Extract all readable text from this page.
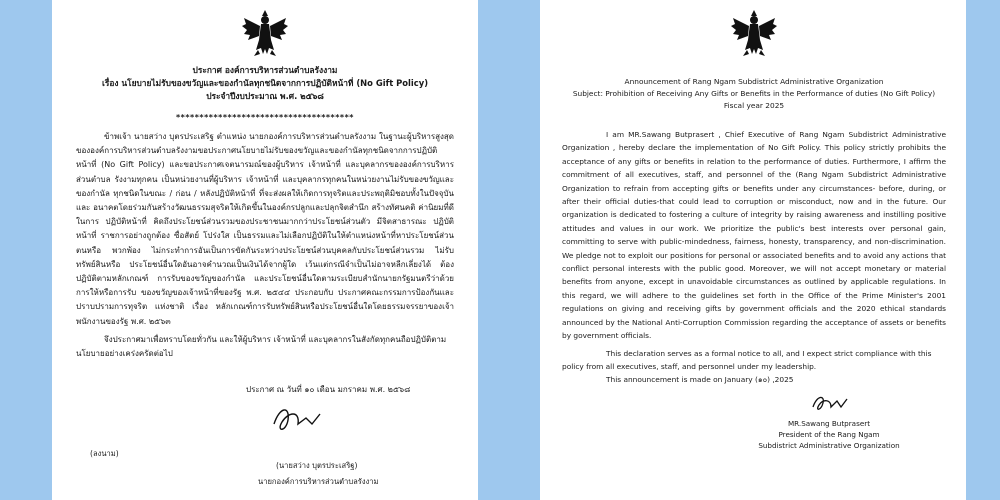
ประกาศ องค์การบริหารส่วนตำบลรังงาม
เรื่อง นโยบายไม่รับของขวัญและของกำนัลทุกชนิดจากการปฏิบัติหน้าที่ (No Gift Policy)
ประจำปีงบประมาณ พ.ศ. ๒๕๖๘
**************************************

ข้าพเจ้า นายสว่าง บุตรประเสริฐ ตำแหน่ง นายกองค์การบริหารส่วนตำบลรังงาม ในฐานะผู้บริหารสูงสุด ขององค์การบริหารส่วนตำบลรังงามขอประกาศนโยบายไม่รับของขวัญและของกำนัลทุกชนิดจากการปฏิบัติหน้าที่ (No Gift Policy) และขอประกาศเจตนารมณ์ของผู้บริหาร เจ้าหน้าที่ และบุคลากรขององค์การบริหารส่วนตำบล รังงามทุกคน เป็นหน่วยงานที่ผู้บริหาร เจ้าหน้าที่ และบุคลากรทุกคนในหน่วยงานไม่รับของขวัญและของกำนัล ทุกชนิดในขณะ / ก่อน / หลังปฏิบัติหน้าที่ ที่จะส่งผลให้เกิดการทุจริตและประพฤติมิชอบทั้งในปัจจุบันและ อนาคตโดยร่วมกันสร้างวัฒนธรรมสุจริตให้เกิดขึ้นในองค์กรปลูกและปลุกจิตสำนึก สร้างทัศนคติ ค่านิยมที่ดีในการ ปฏิบัติหน้าที่ คิดถึงประโยชน์ส่วนรวมของประชาชนมากกว่าประโยชน์ส่วนตัว มีจิตสาธารณะ ปฏิบัติหน้าที่ ราชการอย่างถูกต้อง ซื่อสัตย์ โปร่งใส เป็นธรรมและไม่เลือกปฏิบัติในให้ตำแหน่งหน้าที่หาประโยชน์ส่วนตนหรือ พวกพ้อง ไม่กระทำการอันเป็นการขัดกันระหว่างประโยชน์ส่วนบุคคลกับประโยชน์ส่วนรวม ไม่รับทรัพย์สินหรือ ประโยชน์อื่นใดอันอาจคำนวณเป็นเงินได้จากผู้ใด เว้นแต่กรณีจำเป็นไม่อาจหลีกเลี่ยงได้ ต้องปฏิบัติตามหลักเกณฑ์ การรับของขวัญของกำนัล และประโยชน์อื่นใดตามระเบียบสำนักนายกรัฐมนตรีว่าด้วยการให้หรือการรับ ของขวัญของเจ้าหน้าที่ของรัฐ พ.ศ. ๒๕๔๔ ประกอบกับ ประกาศคณะกรรมการป้องกันและปราบปรามการทุจริต แห่งชาติ เรื่อง หลักเกณฑ์การรับทรัพย์สินหรือประโยชน์อื่นใดโดยธรรมจรรยาของเจ้าพนักงานของรัฐ พ.ศ. ๒๕๖๓

จึงประกาศมาเพื่อทราบโดยทั่วกัน และให้ผู้บริหาร เจ้าหน้าที่ และบุคลากรในสังกัดทุกคนถือปฏิบัติตาม นโยบายอย่างเคร่งครัดต่อไป

ประกาศ ณ วันที่ ๑๐ เดือน มกราคม พ.ศ. ๒๕๖๘
(ลงนาม)
(นายสว่าง บุตรประเสริฐ)
นายกองค์การบริหารส่วนตำบลรังงาม
Announcement of Rang Ngam Subdistrict Administrative Organization
Subject: Prohibition of Receiving Any Gifts or Benefits in the Performance of duties (No Gift Policy)
Fiscal year 2025

I am MR.Sawang Butprasert , Chief Executive of Rang Ngam Subdistrict Administrative Organization , hereby declare the implementation of No Gift Policy. This policy strictly prohibits the acceptance of any gifts or benefits in relation to the performance of duties. Furthermore, I affirm the commitment of all executives, staff, and personnel of the (Rang Ngam Subdistrict Administrative Organization to refrain from accepting gifts or benefits under any circumstances- before, during, or after their official duties-that could lead to corruption or misconduct, now and in the future. Our organization is dedicated to fostering a culture of integrity by raising awareness and instilling positive attitudes and values in our work. We prioritize the public's best interests over personal gain, committing to serve with public-mindedness, fairness, honesty, transparency, and non-discrimination. We pledge not to exploit our positions for personal or associated benefits and to avoid any actions that conflict personal interests with the public good. Moreover, we will not accept monetary or material benefits from anyone, except in unavoidable circumstances as outlined by applicable regulations. In this regard, we will adhere to the guidelines set forth in the Office of the Prime Minister's 2001 regulations on giving and receiving gifts by government officials and the 2020 ethical standards announced by the National Anti-Corruption Commission regarding the acceptance of assets or benefits by government officials.

This declaration serves as a formal notice to all, and I expect strict compliance with this policy from all executives, staff, and personnel under my leadership.

This announcement is made on January (๑๐) ,2025

MR.Sawang Butprasert
President of the Rang Ngam
Subdistrict Administrative Organization
